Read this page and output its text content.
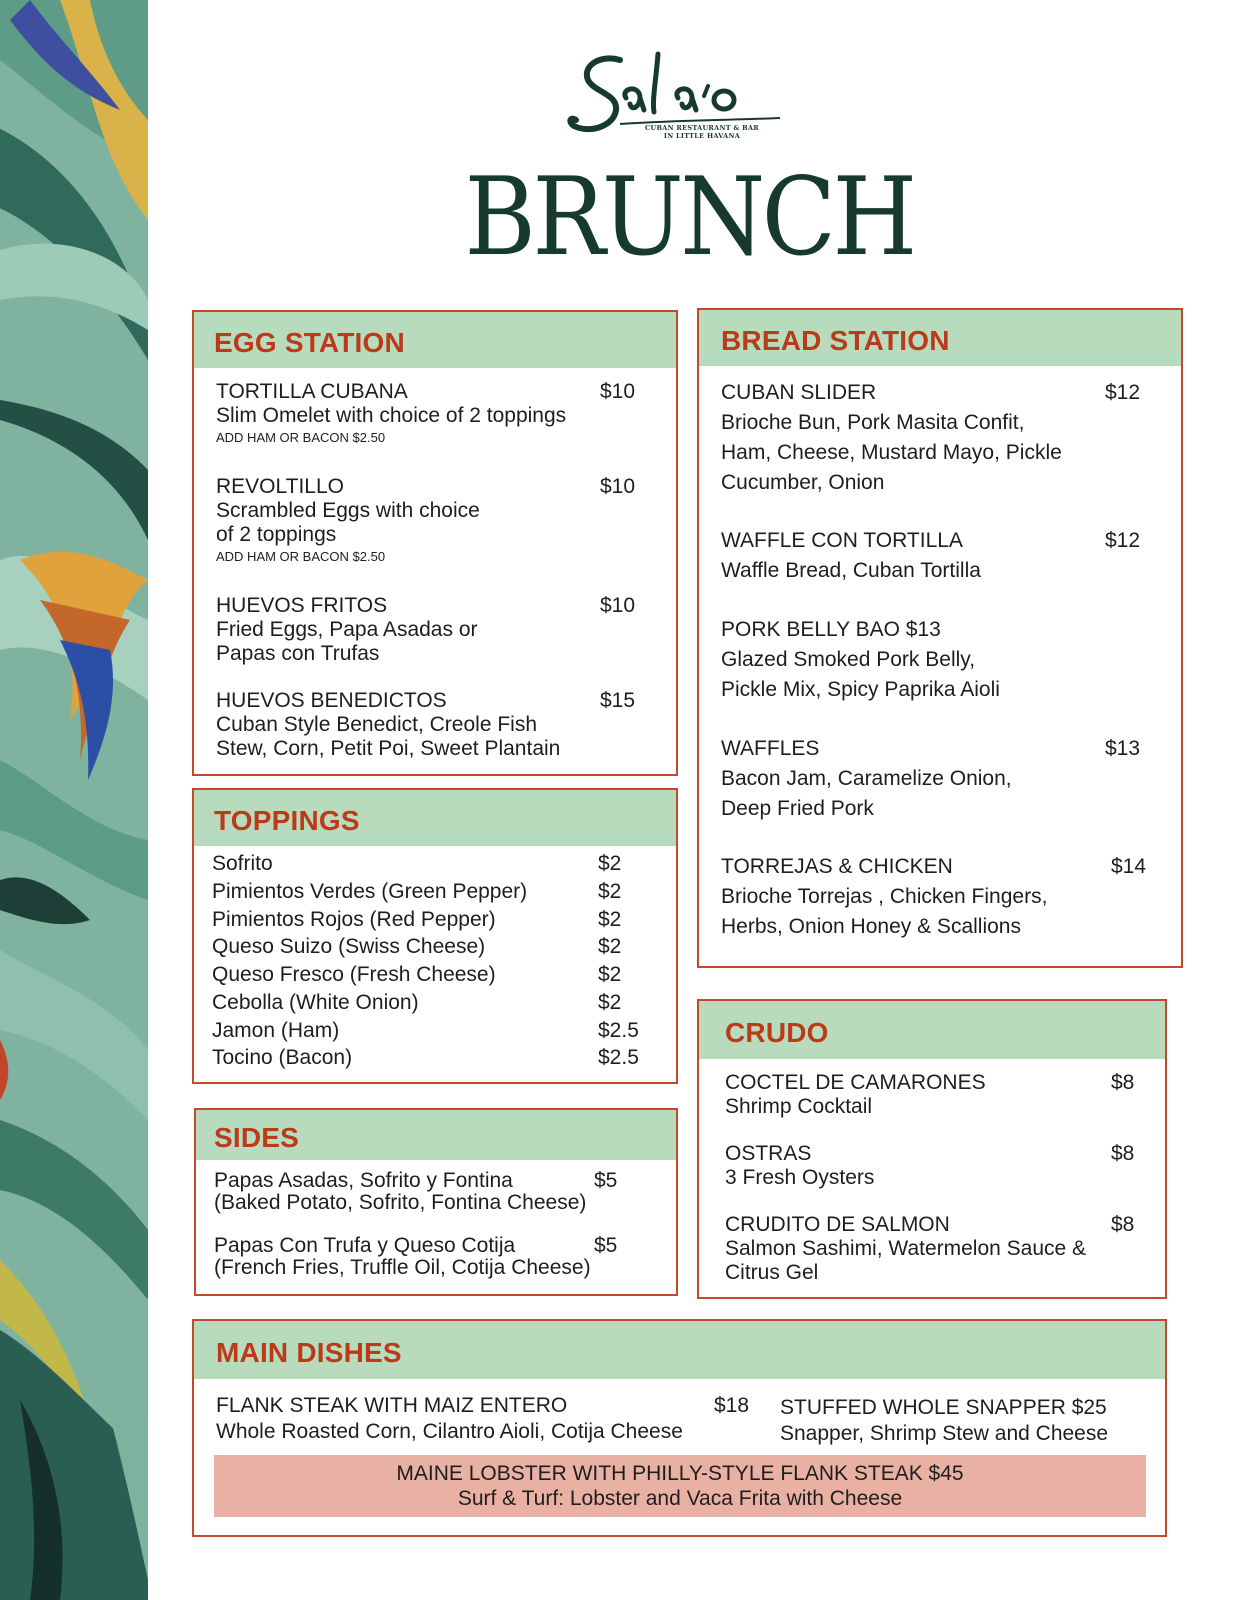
CUBAN RESTAURANT & BAR
IN LITTLE HAVANA
BRUNCH
EGG STATION
TORTILLA CUBANA
Slim Omelet with choice of 2 toppings
ADD HAM OR BACON $2.50
$10
REVOLTILLO
Scrambled Eggs with choice
of 2 toppings
ADD HAM OR BACON $2.50
$10
HUEVOS FRITOS
Fried Eggs, Papa Asadas or
Papas con Trufas
$10
HUEVOS BENEDICTOS
Cuban Style Benedict, Creole Fish
Stew, Corn, Petit Poi, Sweet Plantain
$15
TOPPINGS
Sofrito	$2
Pimientos Verdes (Green Pepper)	$2
Pimientos Rojos (Red Pepper)	$2
Queso Suizo (Swiss Cheese)	$2
Queso Fresco (Fresh Cheese)	$2
Cebolla (White Onion)	$2
Jamon (Ham)	$2.5
Tocino (Bacon)	$2.5
SIDES
Papas Asadas, Sofrito y Fontina
(Baked Potato, Sofrito, Fontina Cheese)
$5
Papas Con Trufa y Queso Cotija
(French Fries, Truffle Oil, Cotija Cheese)
$5
BREAD STATION
CUBAN SLIDER
Brioche Bun, Pork Masita Confit,
Ham, Cheese, Mustard Mayo, Pickle
Cucumber, Onion
$12
WAFFLE CON TORTILLA
Waffle Bread, Cuban Tortilla
$12
PORK BELLY BAO $13
Glazed Smoked Pork Belly,
Pickle Mix, Spicy Paprika Aioli
WAFFLES
Bacon Jam, Caramelize Onion,
Deep Fried Pork
$13
TORREJAS & CHICKEN
Brioche Torrejas , Chicken Fingers,
Herbs, Onion Honey & Scallions
$14
CRUDO
COCTEL DE CAMARONES
Shrimp Cocktail
$8
OSTRAS
3 Fresh Oysters
$8
CRUDITO DE SALMON
Salmon Sashimi, Watermelon Sauce &
Citrus Gel
$8
MAIN DISHES
FLANK STEAK WITH MAIZ ENTERO
Whole Roasted Corn, Cilantro Aioli, Cotija Cheese
$18 STUFFED WHOLE SNAPPER $25
Snapper, Shrimp Stew and Cheese
MAINE LOBSTER WITH PHILLY-STYLE FLANK STEAK $45
Surf & Turf: Lobster and Vaca Frita with Cheese
